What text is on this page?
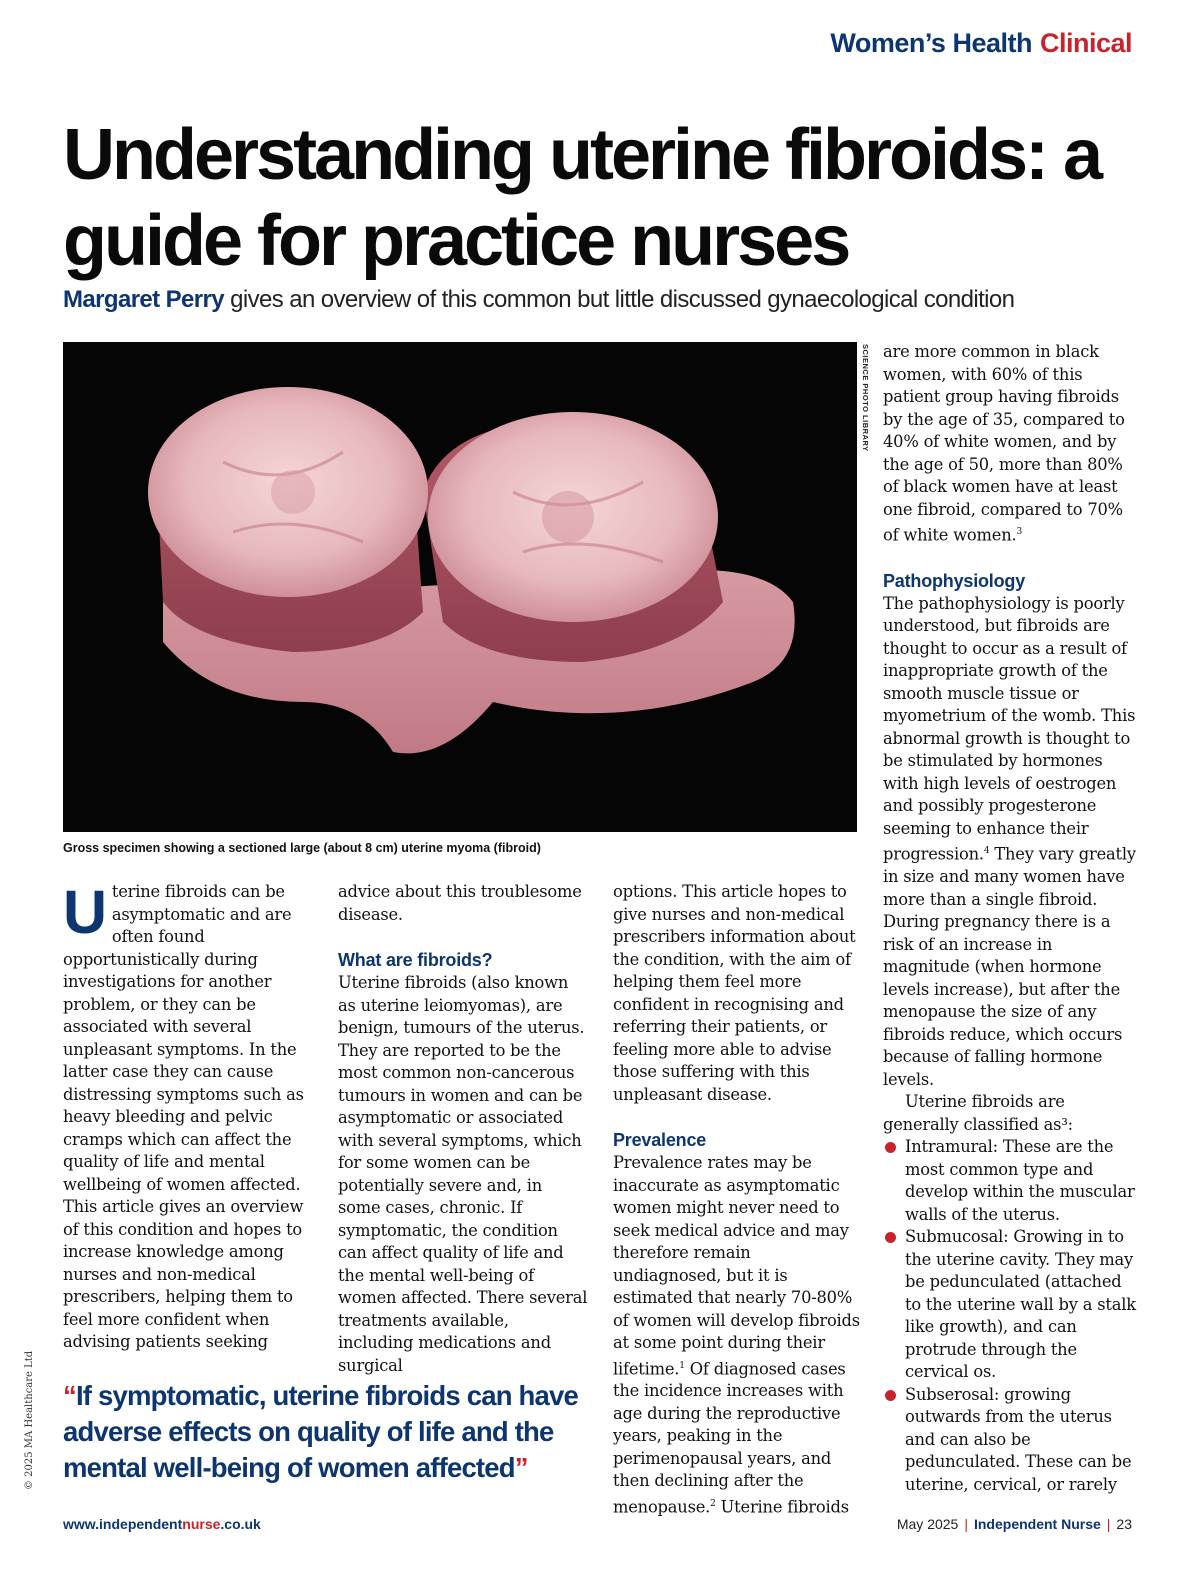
Women’s Health Clinical
Understanding uterine fibroids: a guide for practice nurses

Margaret Perry gives an overview of this common but little discussed gynaecological condition

SCIENCE PHOTO LIBRARY
Gross specimen showing a sectioned large (about 8 cm) uterine myoma (fibroid)

Uterine fibroids can be asymptomatic and are often found opportunistically during investigations for another problem, or they can be associated with several unpleasant symptoms. In the latter case they can cause distressing symptoms such as heavy bleeding and pelvic cramps which can affect the quality of life and mental wellbeing of women affected. This article gives an overview of this condition and hopes to increase knowledge among nurses and non-medical prescribers, helping them to feel more confident when advising patients seeking

advice about this troublesome disease.

What are fibroids?

Uterine fibroids (also known as uterine leiomyomas), are benign, tumours of the uterus. They are reported to be the most common non-cancerous tumours in women and can be asymptomatic or associated with several symptoms, which for some women can be potentially severe and, in some cases, chronic. If symptomatic, the condition can affect quality of life and the mental well-being of women affected. There several treatments available, including medications and surgical

options. This article hopes to give nurses and non-medical prescribers information about the condition, with the aim of helping them feel more confident in recognising and referring their patients, or feeling more able to advise those suffering with this unpleasant disease.

Prevalence

Prevalence rates may be inaccurate as asymptomatic women might never need to seek medical advice and may therefore remain undiagnosed, but it is estimated that nearly 70-80% of women will develop fibroids at some point during their lifetime.$^1$ Of diagnosed cases the incidence increases with age during the reproductive years, peaking in the perimenopausal years, and then declining after the menopause.$^2$ Uterine fibroids

are more common in black women, with 60% of this patient group having fibroids by the age of 35, compared to 40% of white women, and by the age of 50, more than 80% of black women have at least one fibroid, compared to 70% of white women.$^3$

Pathophysiology

The pathophysiology is poorly understood, but fibroids are thought to occur as a result of inappropriate growth of the smooth muscle tissue or myometrium of the womb. This abnormal growth is thought to be stimulated by hormones with high levels of oestrogen and possibly progesterone seeming to enhance their progression.$^4$ They vary greatly in size and many women have more than a single fibroid. During pregnancy there is a risk of an increase in magnitude (when hormone levels increase), but after the menopause the size of any fibroids reduce, which occurs because of falling hormone levels.

Uterine fibroids are generally classified as³:

Intramural: These are the most common type and develop within the muscular walls of the uterus.
Submucosal: Growing in to the uterine cavity. They may be pedunculated (attached to the uterine wall by a stalk like growth), and can protrude through the cervical os.
Subserosal: growing outwards from the uterus and can also be pedunculated. These can be uterine, cervical, or rarely

“If symptomatic, uterine fibroids can have adverse effects on quality of life and the mental well-being of women affected”

© 2025 MA Healthcare Ltd
www.independentnurse.co.uk	May 2025 | Independent Nurse | 23
